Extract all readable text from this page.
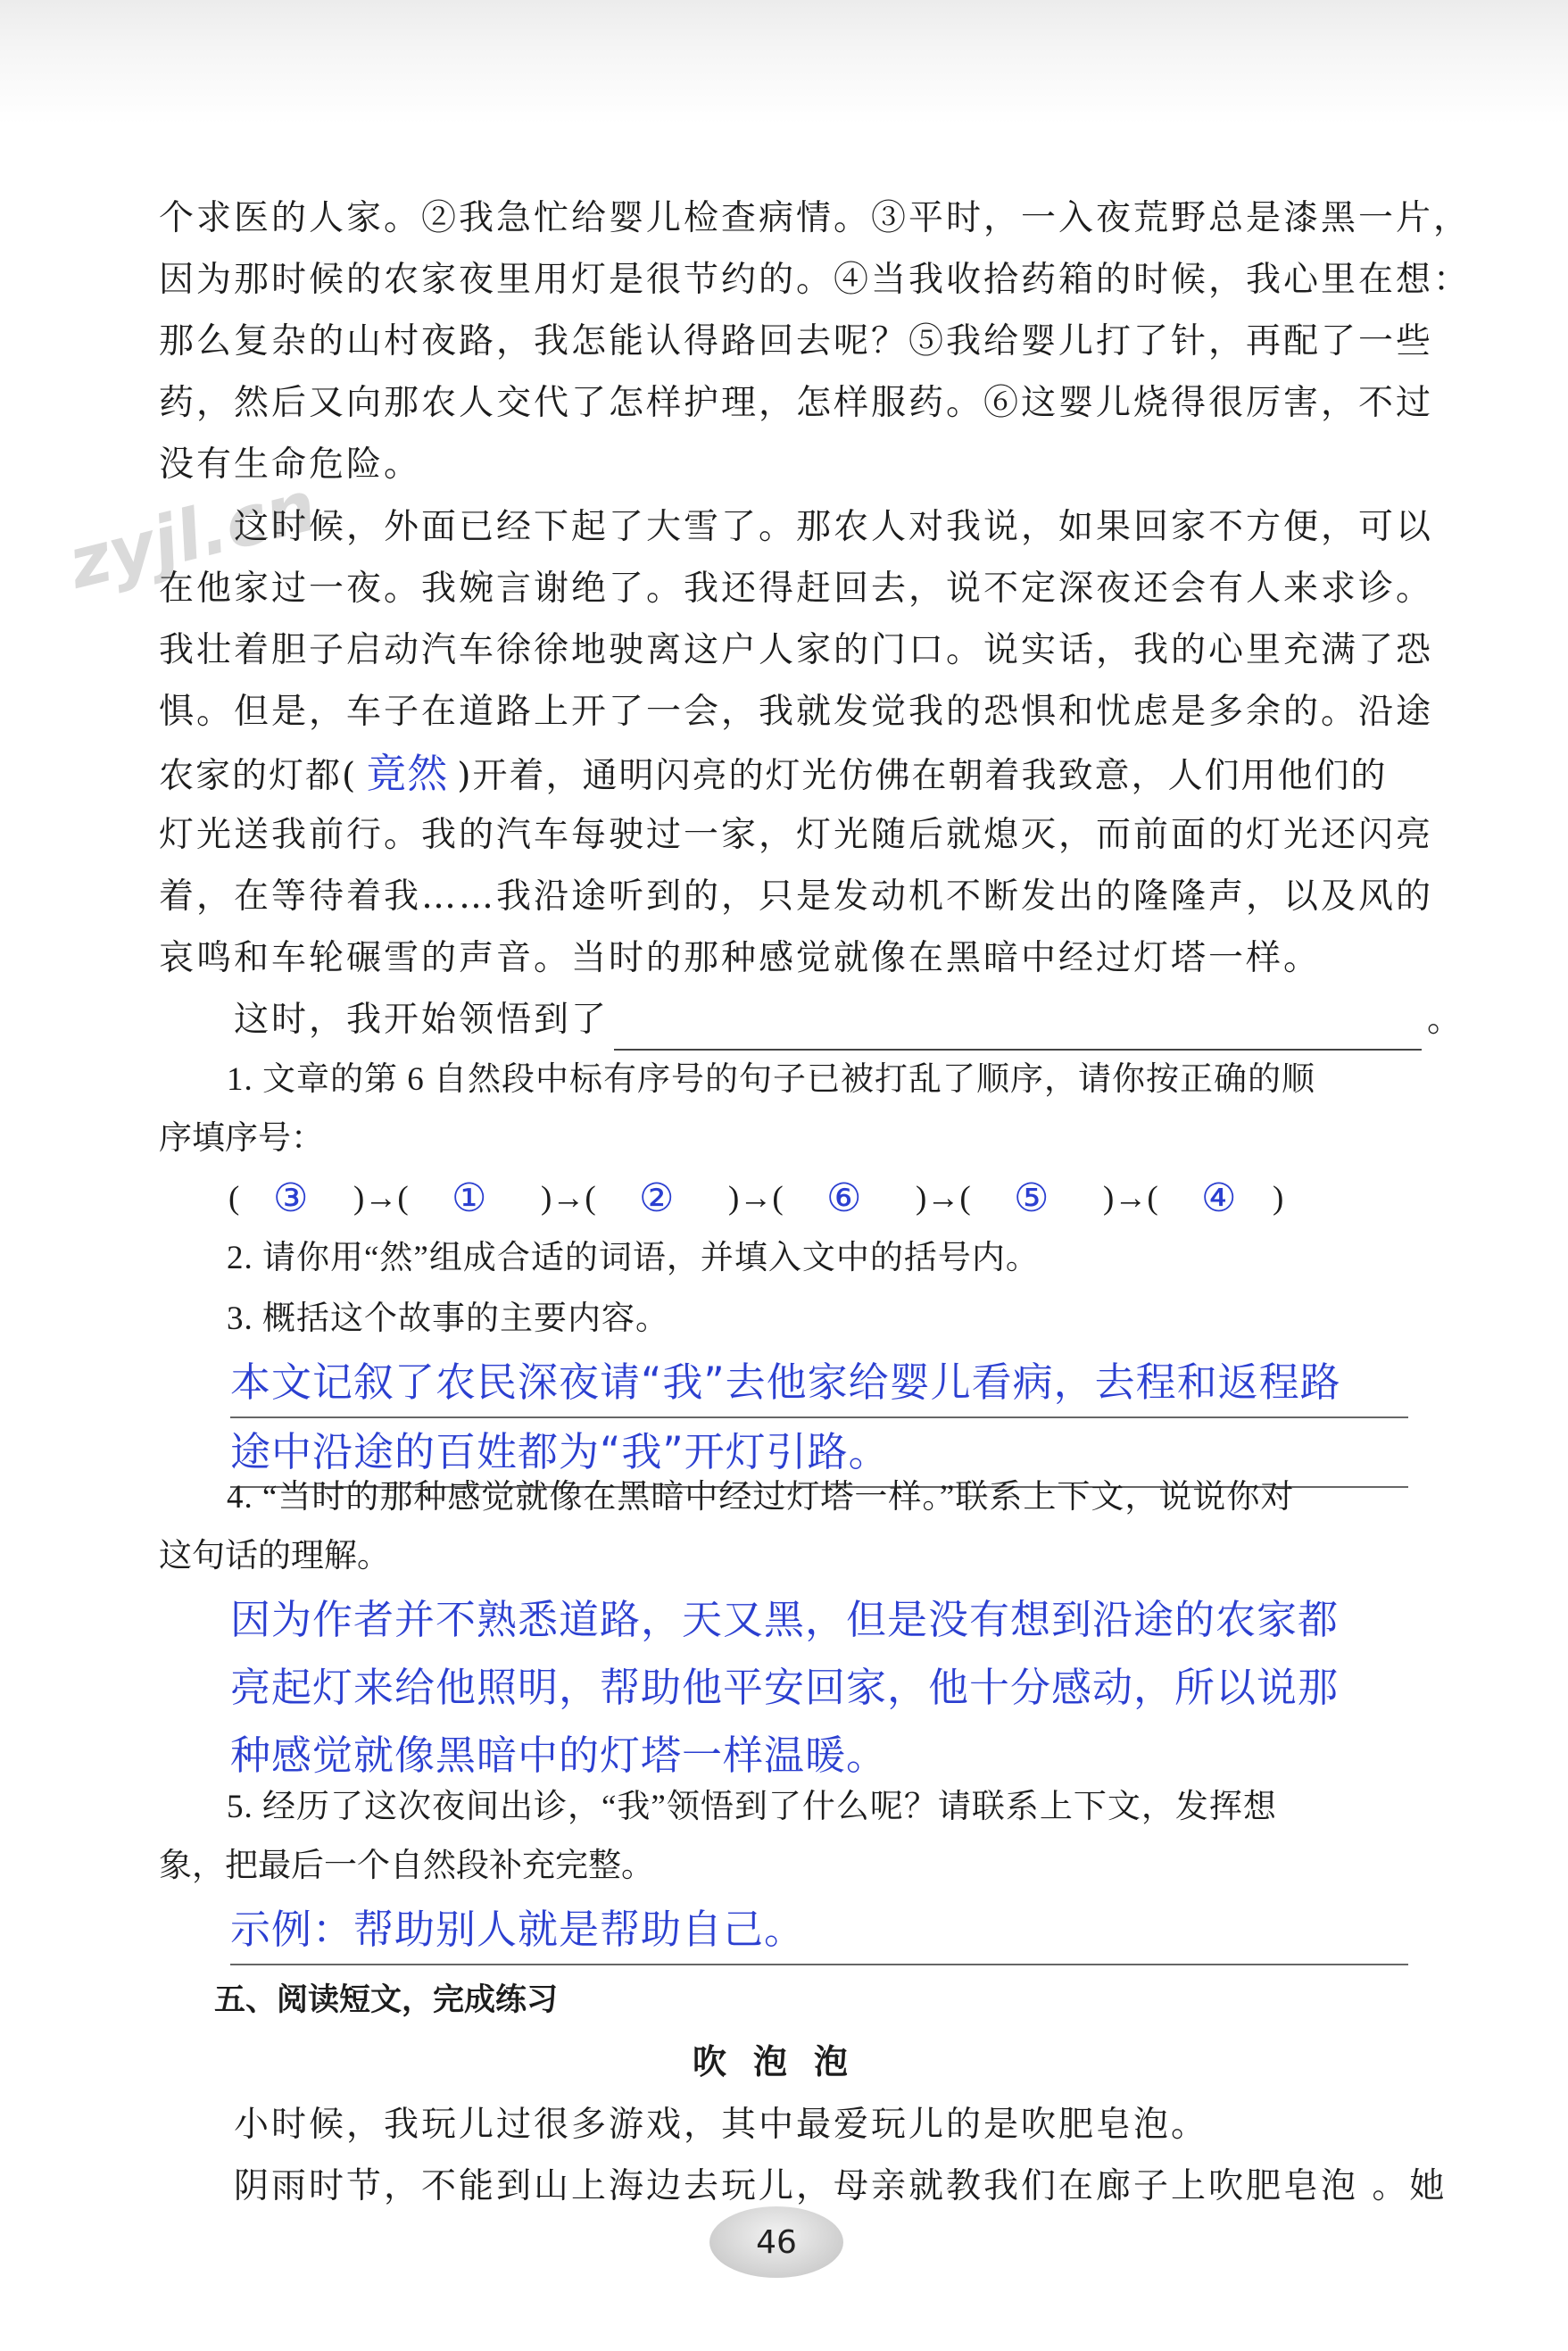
zyjl.cn
个求医的人家。②我急忙给婴儿检查病情。③平时，一入夜荒野总是漆黑一片，
因为那时候的农家夜里用灯是很节约的。④当我收拾药箱的时候，我心里在想：
那么复杂的山村夜路，我怎能认得路回去呢？⑤我给婴儿打了针，再配了一些
药，然后又向那农人交代了怎样护理，怎样服药。⑥这婴儿烧得很厉害，不过
没有生命危险。
这时候，外面已经下起了大雪了。那农人对我说，如果回家不方便，可以
在他家过一夜。我婉言谢绝了。我还得赶回去，说不定深夜还会有人来求诊。
我壮着胆子启动汽车徐徐地驶离这户人家的门口。说实话，我的心里充满了恐
惧。但是，车子在道路上开了一会，我就发觉我的恐惧和忧虑是多余的。沿途
农家的灯都( 竟然 )开着，通明闪亮的灯光仿佛在朝着我致意，人们用他们的
灯光送我前行。我的汽车每驶过一家，灯光随后就熄灭，而前面的灯光还闪亮
着，在等待着我……我沿途听到的，只是发动机不断发出的隆隆声，以及风的
哀鸣和车轮碾雪的声音。当时的那种感觉就像在黑暗中经过灯塔一样。
这时，我开始领悟到了	。
1. 文章的第 6 自然段中标有序号的句子已被打乱了顺序，请你按正确的顺
序填序号：
( ③	)→(	①	)→(	②	)→(	⑥	)→(	⑤	)→(	④	)
2. 请你用“然”组成合适的词语，并填入文中的括号内。
3. 概括这个故事的主要内容。
本文记叙了农民深夜请“我”去他家给婴儿看病，去程和返程路
途中沿途的百姓都为“我”开灯引路。
4. “当时的那种感觉就像在黑暗中经过灯塔一样。”联系上下文，说说你对
这句话的理解。
因为作者并不熟悉道路，天又黑，但是没有想到沿途的农家都
亮起灯来给他照明，帮助他平安回家，他十分感动，所以说那
种感觉就像黑暗中的灯塔一样温暖。
5. 经历了这次夜间出诊，“我”领悟到了什么呢？请联系上下文，发挥想
象，把最后一个自然段补充完整。
示例：帮助别人就是帮助自己。
五、阅读短文，完成练习
吹泡泡
小时候，我玩儿过很多游戏，其中最爱玩儿的是吹肥皂泡。
阴雨时节，不能到山上海边去玩儿，母亲就教我们在廊子上吹肥皂泡 。她
46
